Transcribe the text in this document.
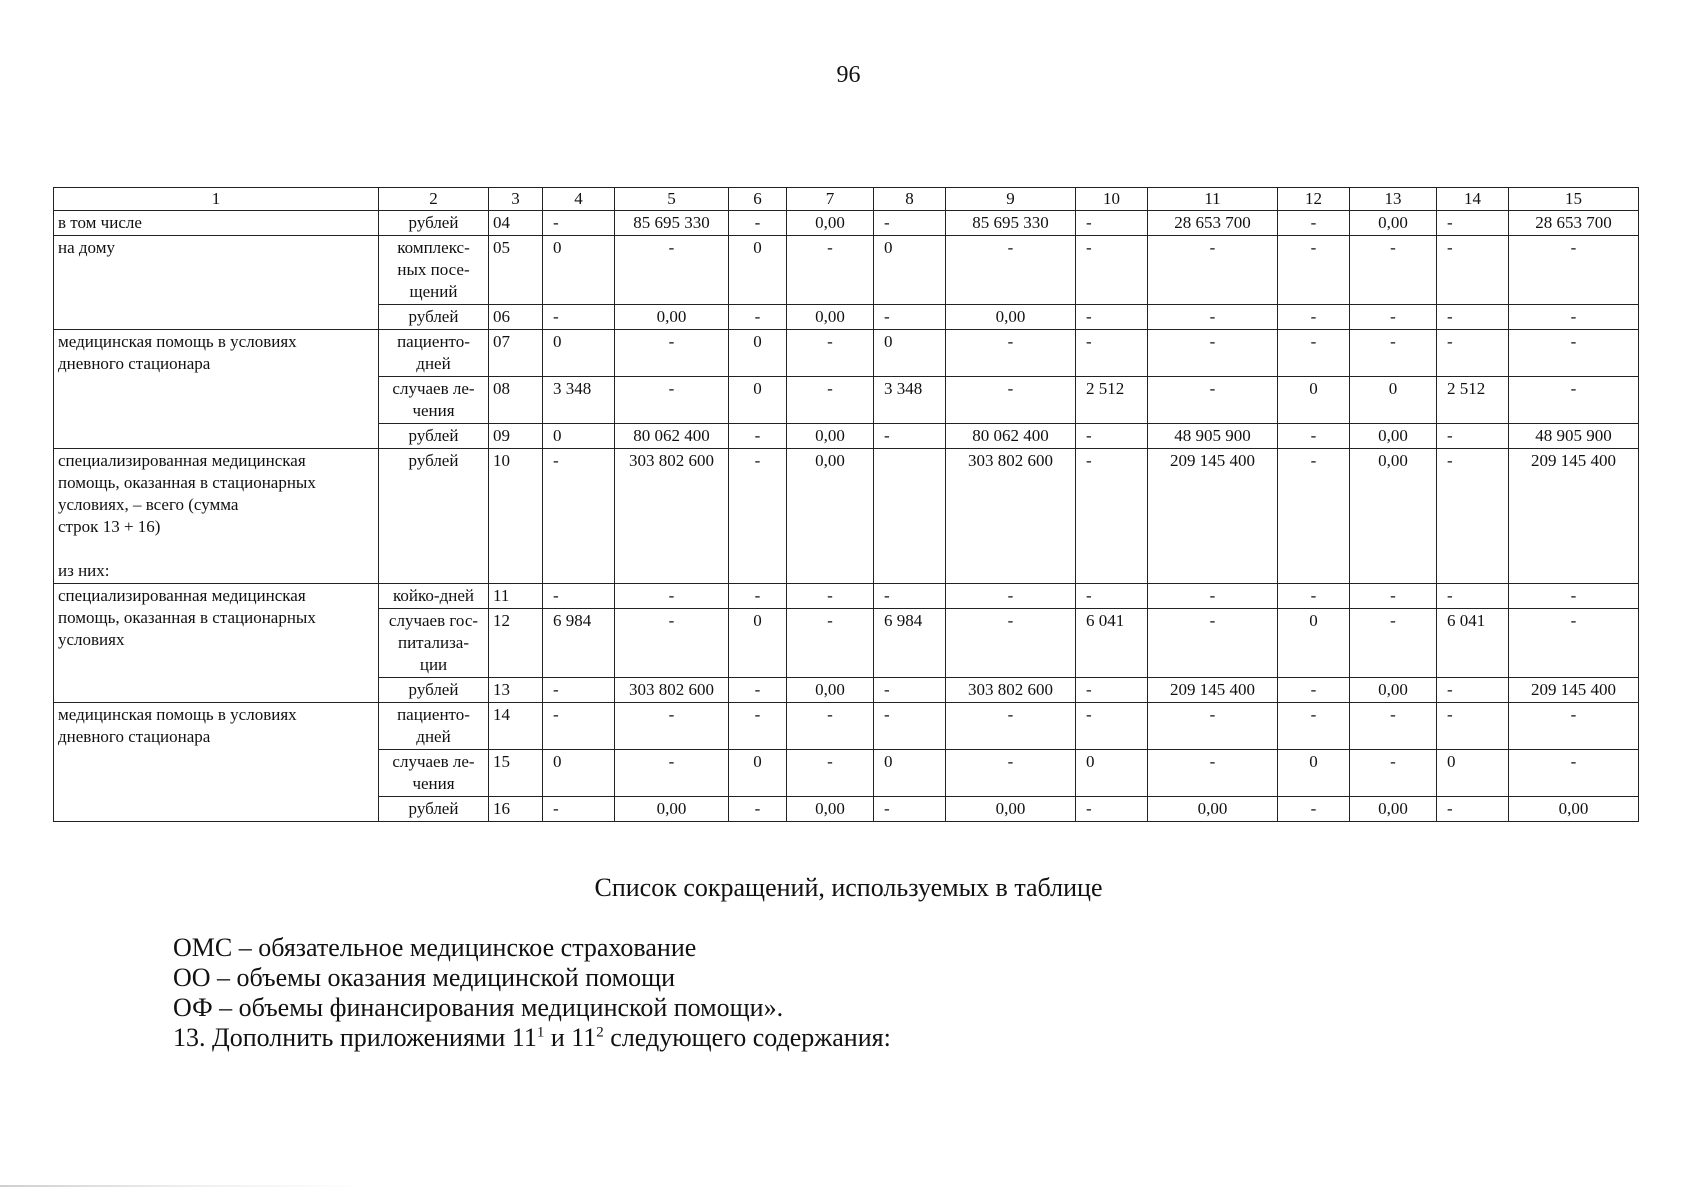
96
1	2	3	4	5	6	7	8	9	10	11	12	13	14	15
в том числе	рублей	04	-	85 695 330	-	0,00	-	85 695 330	-	28 653 700	-	0,00	-	28 653 700
на дому	комплекс-
ных посе-
щений	05	0	-	0	-	0	-	-	-	-	-	-	-
	рублей	06	-	0,00	-	0,00	-	0,00	-	-	-	-	-	-
медицинская помощь в условиях
дневного стационара	пациенто-
дней	07	0	-	0	-	0	-	-	-	-	-	-	-
	случаев ле-
чения	08	3 348	-	0	-	3 348	-	2 512	-	0	0	2 512	-
	рублей	09	0	80 062 400	-	0,00	-	80 062 400	-	48 905 900	-	0,00	-	48 905 900
специализированная медицинская
помощь, оказанная в стационарных
условиях, – всего (сумма
строк 13 + 16)

из них:	рублей	10	-	303 802 600	-	0,00		303 802 600	-	209 145 400	-	0,00	-	209 145 400
специализированная медицинская
помощь, оказанная в стационарных
условиях	койко-дней	11	-	-	-	-	-	-	-	-	-	-	-	-
	случаев гос-
питализа-
ции	12	6 984	-	0	-	6 984	-	6 041	-	0	-	6 041	-
	рублей	13	-	303 802 600	-	0,00	-	303 802 600	-	209 145 400	-	0,00	-	209 145 400
медицинская помощь в условиях
дневного стационара	пациенто-
дней	14	-	-	-	-	-	-	-	-	-	-	-	-
	случаев ле-
чения	15	0	-	0	-	0	-	0	-	0	-	0	-
	рублей	16	-	0,00	-	0,00	-	0,00	-	0,00	-	0,00	-	0,00
Список сокращений, используемых в таблице
ОМС – обязательное медицинское страхование
ОО – объемы оказания медицинской помощи
ОФ – объемы финансирования медицинской помощи».
13. Дополнить приложениями $11^1$ и $11^2$ следующего содержания:
